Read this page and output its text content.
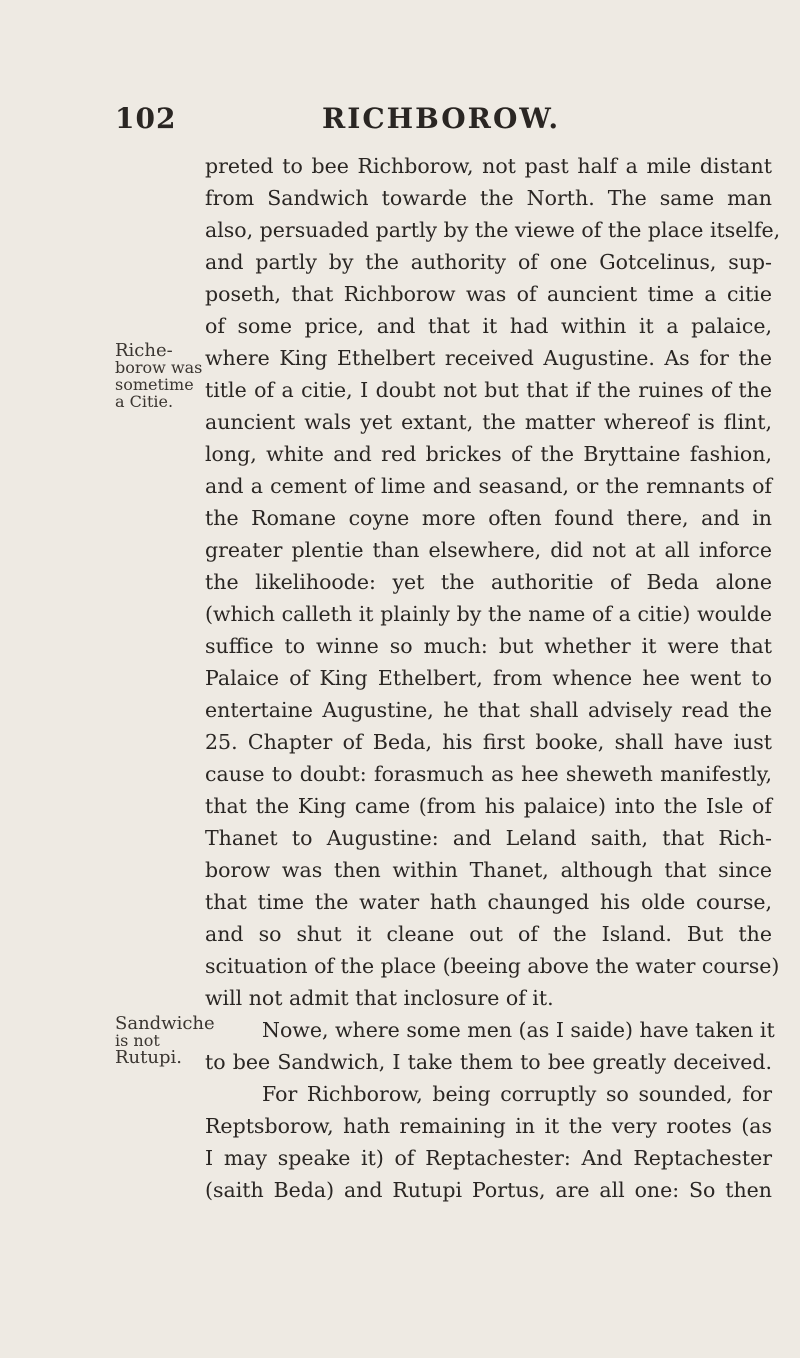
102	RICHBOROW.
Riche-
borow was
sometime
a Citie.
Sandwiche
is not
Rutupi.
preted to bee Richborow, not past half a mile distant
from Sandwich towarde the North. The same man
also, persuaded partly by the viewe of the place itselfe,
and partly by the authority of one Gotcelinus, sup-
poseth, that Richborow was of auncient time a citie
of some price, and that it had within it a palaice,
where King Ethelbert received Augustine. As for the
title of a citie, I doubt not but that if the ruines of the
auncient wals yet extant, the matter whereof is flint,
long, white and red brickes of the Bryttaine fashion,
and a cement of lime and seasand, or the remnants of
the Romane coyne more often found there, and in
greater plentie than elsewhere, did not at all inforce
the likelihoode: yet the authoritie of Beda alone
(which calleth it plainly by the name of a citie) woulde
suffice to winne so much: but whether it were that
Palaice of King Ethelbert, from whence hee went to
entertaine Augustine, he that shall advisely read the
25. Chapter of Beda, his first booke, shall have iust
cause to doubt: forasmuch as hee sheweth manifestly,
that the King came (from his palaice) into the Isle of
Thanet to Augustine: and Leland saith, that Rich-
borow was then within Thanet, although that since
that time the water hath chaunged his olde course,
and so shut it cleane out of the Island. But the
scituation of the place (beeing above the water course)
will not admit that inclosure of it.
Nowe, where some men (as I saide) have taken it
to bee Sandwich, I take them to bee greatly deceived.
For Richborow, being corruptly so sounded, for
Reptsborow, hath remaining in it the very rootes (as
I may speake it) of Reptachester: And Reptachester
(saith Beda) and Rutupi Portus, are all one: So then
